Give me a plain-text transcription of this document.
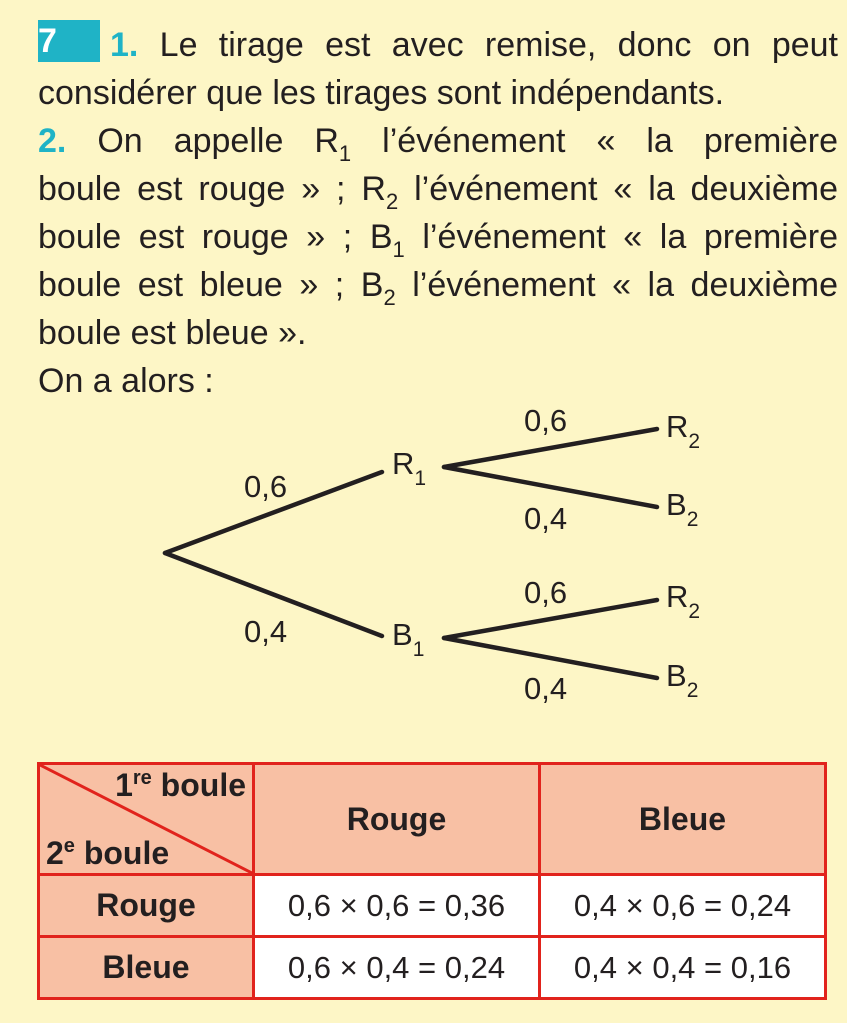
7 1. Le tirage est avec remise, donc on peut

considérer que les tirages sont indépendants.

2. On appelle $R_1$ l’événement « la première

boule est rouge » ; $R_2$ l’événement « la deuxième

boule est rouge » ; $B_1$ l’événement « la première

boule est bleue » ; $B_2$ l’événement « la deuxième

boule est bleue ».

On a alors :

0,6
0,4
$R_1$
$B_1$
0,6
0,4
0,6
0,4
$R_2$
$B_2$
$R_2$
$B_2$
1re boule
2e boule	Rouge	Bleue
Rouge	0,6 × 0,6 = 0,36	0,4 × 0,6 = 0,24
Bleue	0,6 × 0,4 = 0,24	0,4 × 0,4 = 0,16
